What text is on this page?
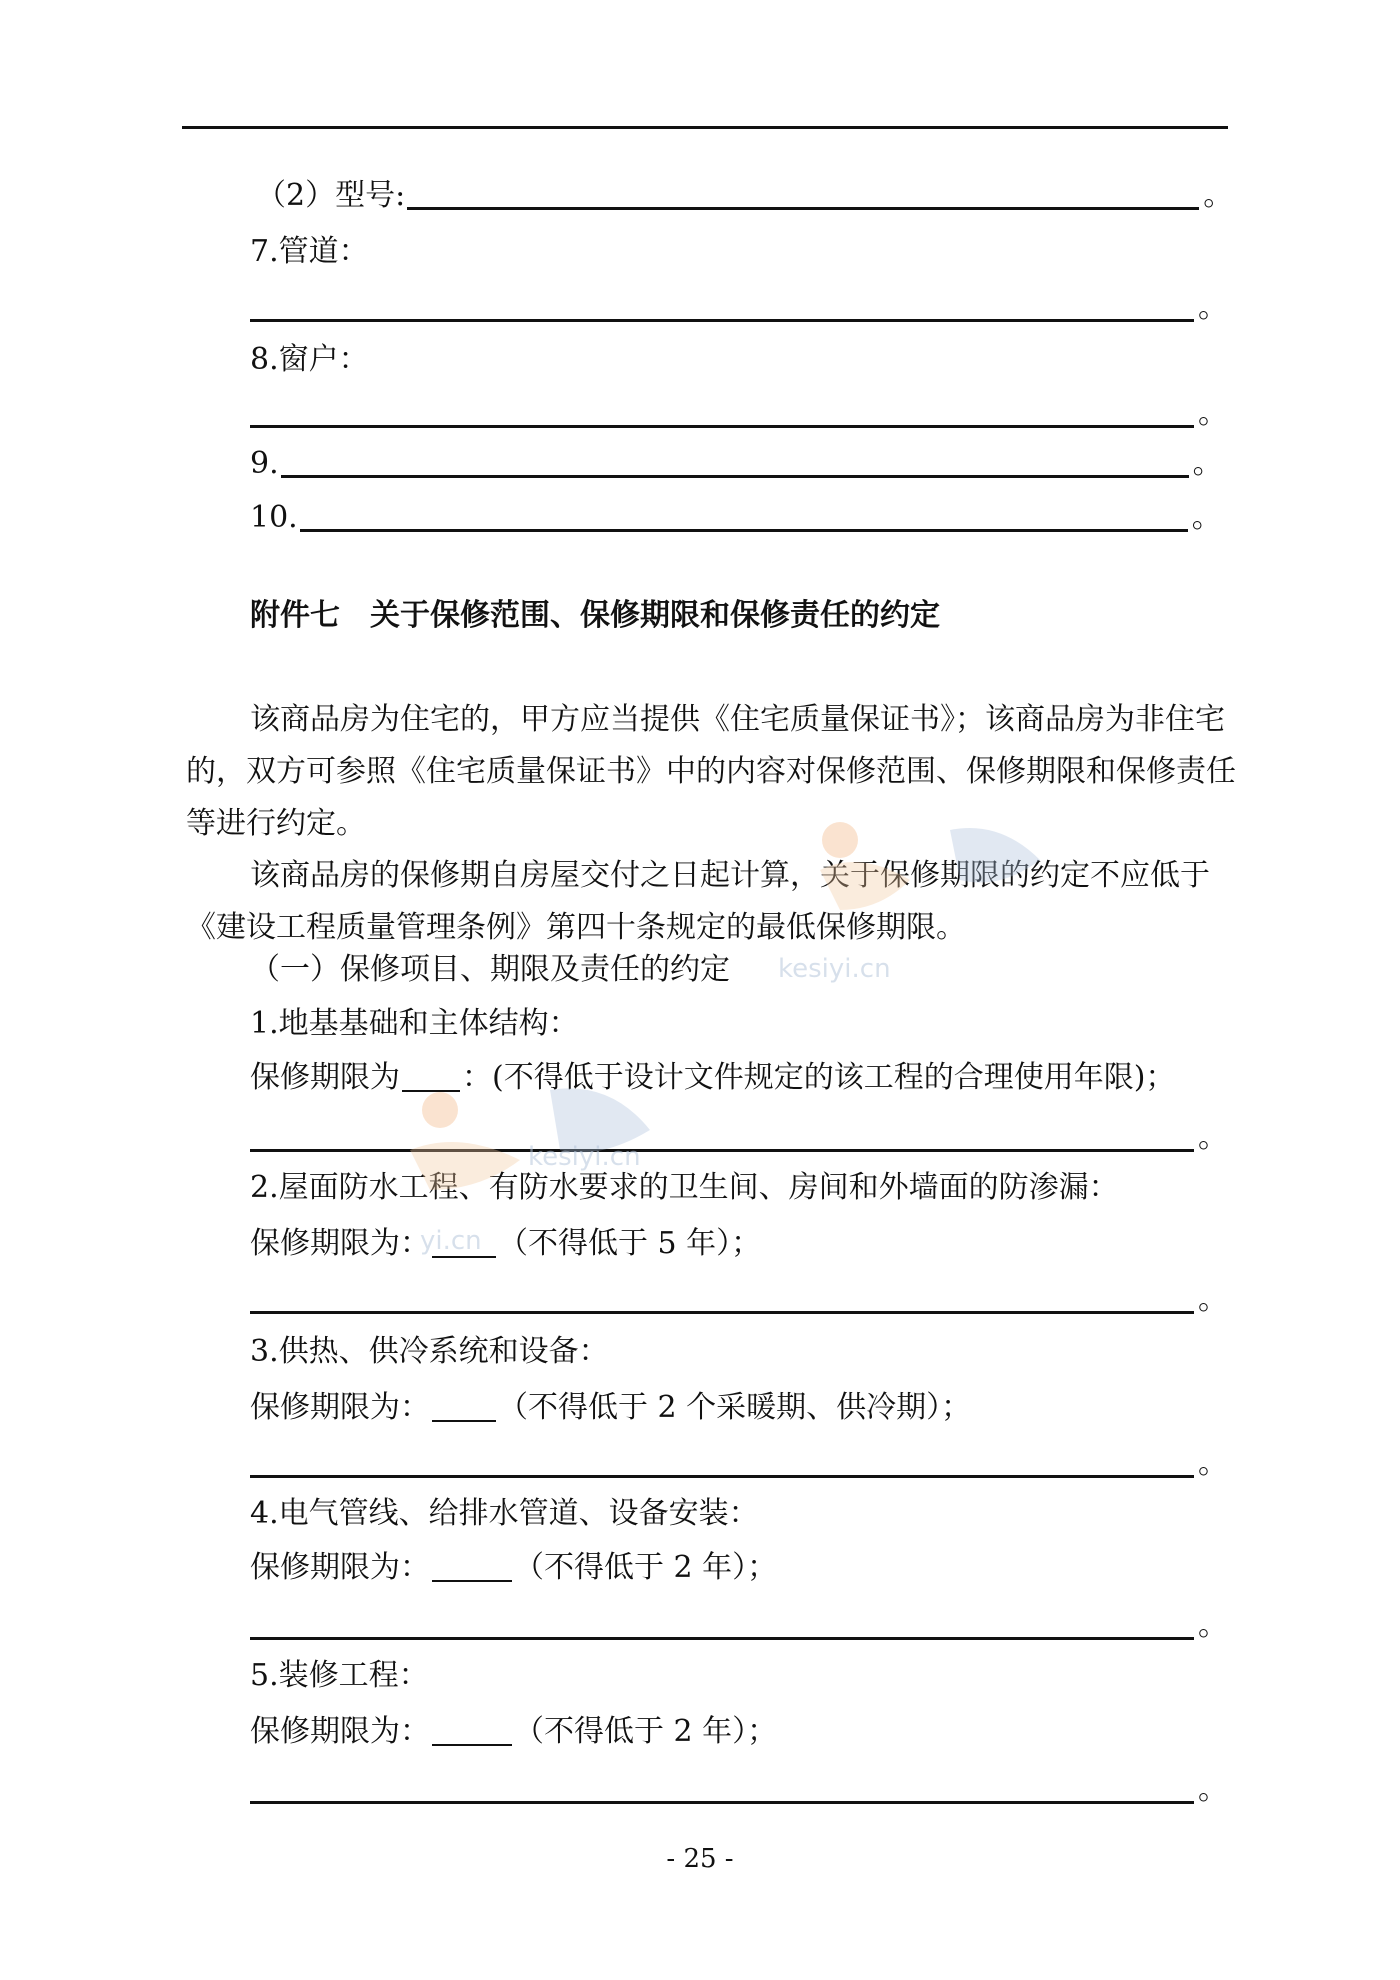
（2）型号 :	。
7.管道：
。
8.窗户：
。
9.	。
10.	。
附件七　关于保修范围、保修期限和保修责任的约定
该商品房为住宅的，甲方应当提供《住宅质量保证书》；该商品房为非住宅的，双方可参照《住宅质量保证书》中的内容对保修范围、保修期限和保修责任等进行约定。
该商品房的保修期自房屋交付之日起计算，关于保修期限的约定不应低于《建设工程质量管理条例》第四十条规定的最低保修期限。
（一）保修项目、期限及责任的约定
1.地基基础和主体结构：
保修期限为 ：(不得低于设计文件规定的该工程的合理使用年限)；
。
2.屋面防水工程、有防水要求的卫生间、房间和外墙面的防渗漏：
保修期限为： （不得低于 5 年）；
。
3.供热、供冷系统和设备：
保修期限为： （不得低于 2 个采暖期、供冷期）；
。
4.电气管线、给排水管道、设备安装：
保修期限为：	（不得低于 2 年）；
。
5.装修工程：
保修期限为：	（不得低于 2 年）；
。
- 25 -
kesiyi.cn
kesiyi.cn
yi.cn
